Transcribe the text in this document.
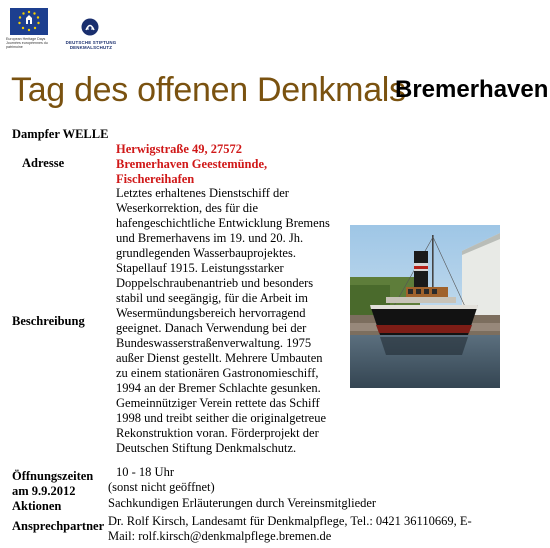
European Heritage Days
Journées européennes du patrimoine
DEUTSCHE STIFTUNG
DENKMALSCHUTZ
Tag des offenen Denkmals
Bremerhaven
Dampfer WELLE
Adresse
Herwigstraße 49, 27572
Bremerhaven Geestemünde,
Fischereihafen
Beschreibung
Letztes erhaltenes Dienstschiff der
Weserkorrektion, des für die
hafengeschichtliche Entwicklung Bremens
und Bremerhavens im 19. und 20. Jh.
grundlegenden Wasserbauprojektes.
Stapellauf 1915. Leistungsstarker
Doppelschraubenantrieb und besonders
stabil und seegängig, für die Arbeit im
Wesermündungsbereich hervorragend
geeignet. Danach Verwendung bei der
Bundeswasserstraßenverwaltung. 1975
außer Dienst gestellt. Mehrere Umbauten
zu einem stationären Gastronomieschiff,
1994 an der Bremer Schlachte gesunken.
Gemeinnütziger Verein rettete das Schiff
1998 und treibt seither die originalgetreue
Rekonstruktion voran. Förderprojekt der
Deutschen Stiftung Denkmalschutz.
Öffnungszeiten
am 9.9.2012
10 - 18 Uhr
(sonst nicht geöffnet)
Aktionen	Sachkundigen Erläuterungen durch Vereinsmitglieder
Ansprechpartner Dr. Rolf Kirsch, Landesamt für Denkmalpflege, Tel.: 0421 36110669, E-
Mail: rolf.kirsch@denkmalpflege.bremen.de
